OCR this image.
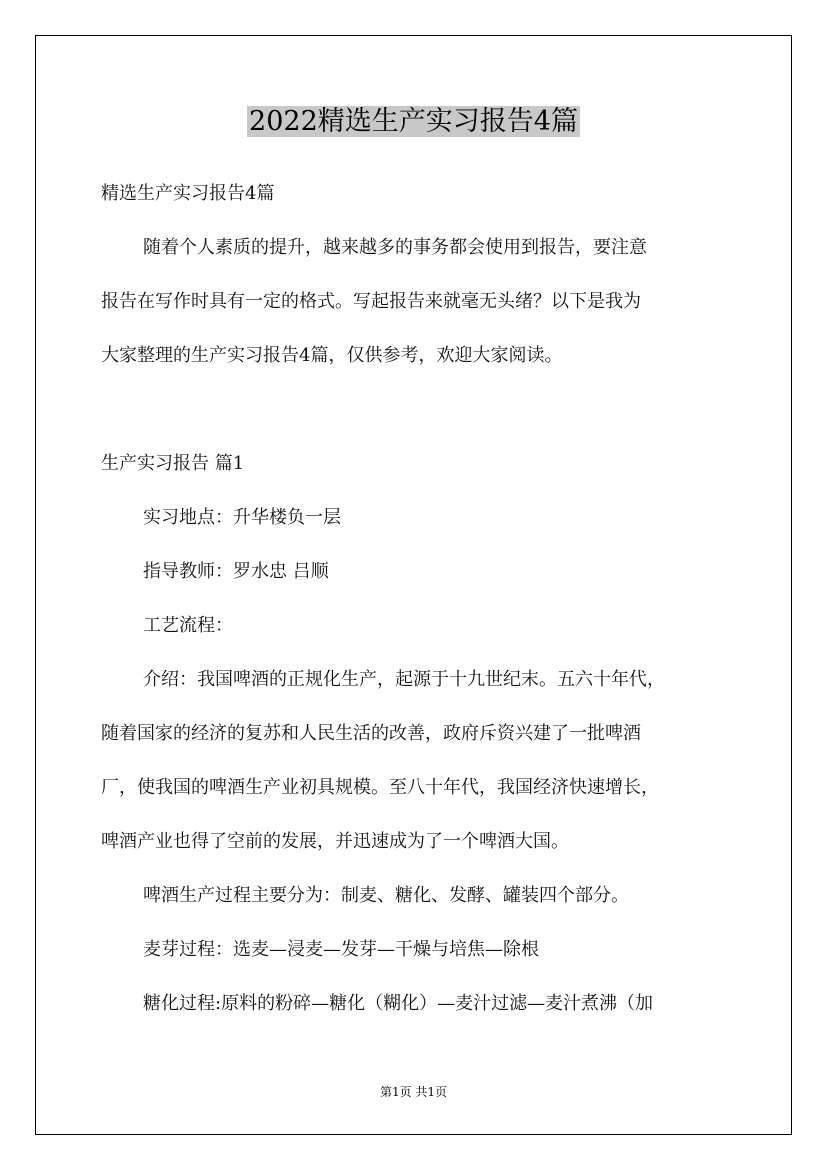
2022精选生产实习报告4篇
精选生产实习报告4篇
随着个人素质的提升，越来越多的事务都会使用到报告，要注意
报告在写作时具有一定的格式。写起报告来就毫无头绪？以下是我为
大家整理的生产实习报告4篇，仅供参考，欢迎大家阅读。
生产实习报告 篇1
实习地点：升华楼负一层
指导教师：罗水忠 吕顺
工艺流程：
介绍：我国啤酒的正规化生产，起源于十九世纪末。五六十年代，
随着国家的经济的复苏和人民生活的改善，政府斥资兴建了一批啤酒
厂，使我国的啤酒生产业初具规模。至八十年代，我国经济快速增长，
啤酒产业也得了空前的发展，并迅速成为了一个啤酒大国。
啤酒生产过程主要分为：制麦、糖化、发酵、罐装四个部分。
麦芽过程：选麦—浸麦—发芽—干燥与培焦—除根
糖化过程:原料的粉碎—糖化（糊化）—麦汁过滤—麦汁煮沸（加
第1页 共1页
